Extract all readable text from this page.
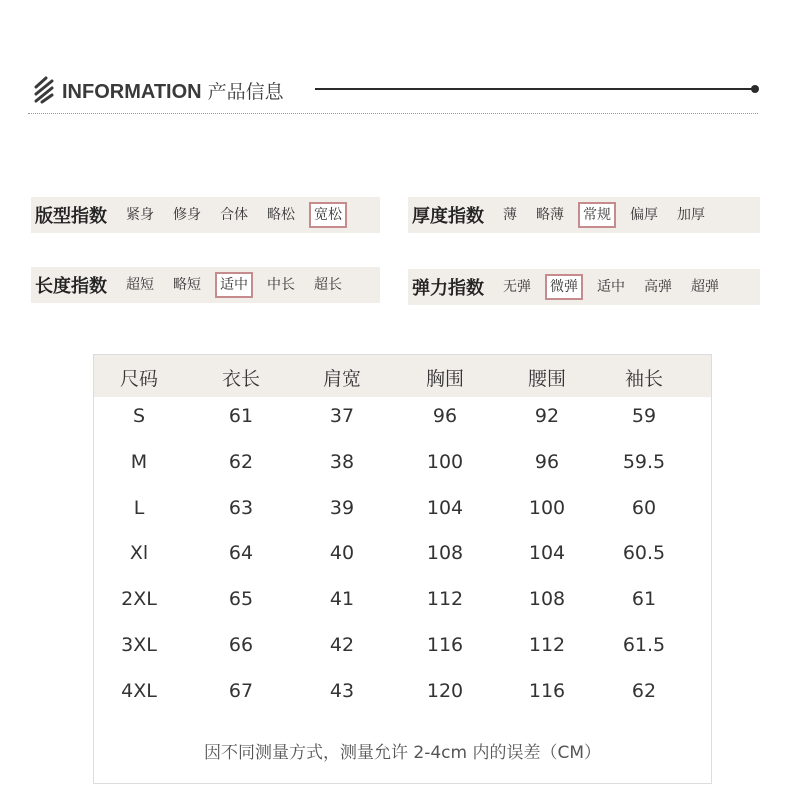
INFORMATION 产品信息
版型指数	紧身	修身	合体	略松	宽松	厚度指数	薄	略薄	常规	偏厚	加厚
长度指数	超短	略短	适中	中长	超长	弹力指数	无弹	微弹	适中	高弹	超弹
尺码	衣长	肩宽	胸围	腰围	袖长
S	61	37	96	92	59
M	62	38	100	96	59.5
L	63	39	104	100	60
Xl	64	40	108	104	60.5
2XL	65	41	112	108	61
3XL	66	42	116	112	61.5
4XL	67	43	120	116	62
因不同测量方式，测量允许 2-4cm 内的误差（CM）
